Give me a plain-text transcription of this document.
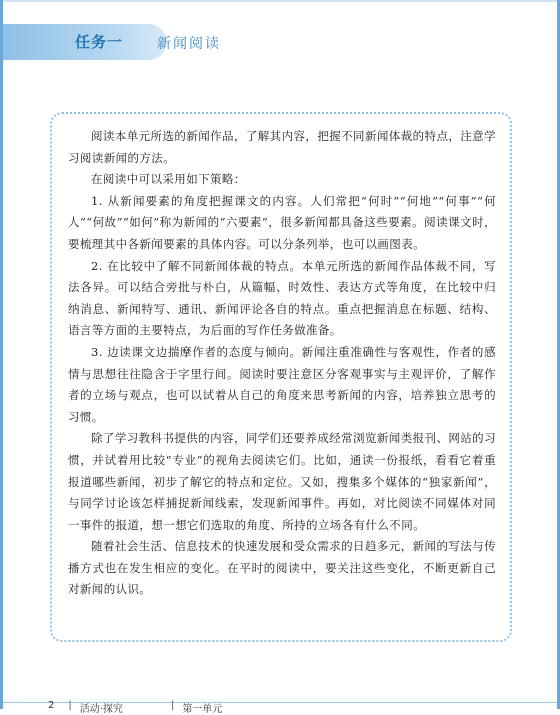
任务一 新闻阅读

阅读本单元所选的新闻作品，了解其内容，把握不同新闻体裁的特点，注意学习阅读新闻的方法。

在阅读中可以采用如下策略：

1. 从新闻要素的角度把握课文的内容。人们常把“何时”“何地”“何事”“何人”“何故”“如何”称为新闻的“六要素”，很多新闻都具备这些要素。阅读课文时，要梳理其中各新闻要素的具体内容。可以分条列举，也可以画图表。

2. 在比较中了解不同新闻体裁的特点。本单元所选的新闻作品体裁不同，写法各异。可以结合旁批与朴白，从篇幅、时效性、表达方式等角度，在比较中归纳消息、新闻特写、通讯、新闻评论各自的特点。重点把握消息在标题、结构、语言等方面的主要特点，为后面的写作任务做准备。

3. 边读课文边揣摩作者的态度与倾向。新闻注重准确性与客观性，作者的感情与思想往往隐含于字里行间。阅读时要注意区分客观事实与主观评价，了解作者的立场与观点，也可以试着从自己的角度来思考新闻的内容，培养独立思考的习惯。

除了学习教科书提供的内容，同学们还要养成经常浏览新闻类报刊、网站的习惯，并试着用比较“专业”的视角去阅读它们。比如，通读一份报纸，看看它着重报道哪些新闻，初步了解它的特点和定位。又如，搜集多个媒体的“独家新闻”，与同学讨论该怎样捕捉新闻线索，发现新闻事件。再如，对比阅读不同媒体对同一事件的报道，想一想它们选取的角度、所持的立场各有什么不同。

随着社会生活、信息技术的快速发展和受众需求的日趋多元，新闻的写法与传播方式也在发生相应的变化。在平时的阅读中，要关注这些变化，不断更新自己对新闻的认识。

2 | 活动·探究	| 第一单元
